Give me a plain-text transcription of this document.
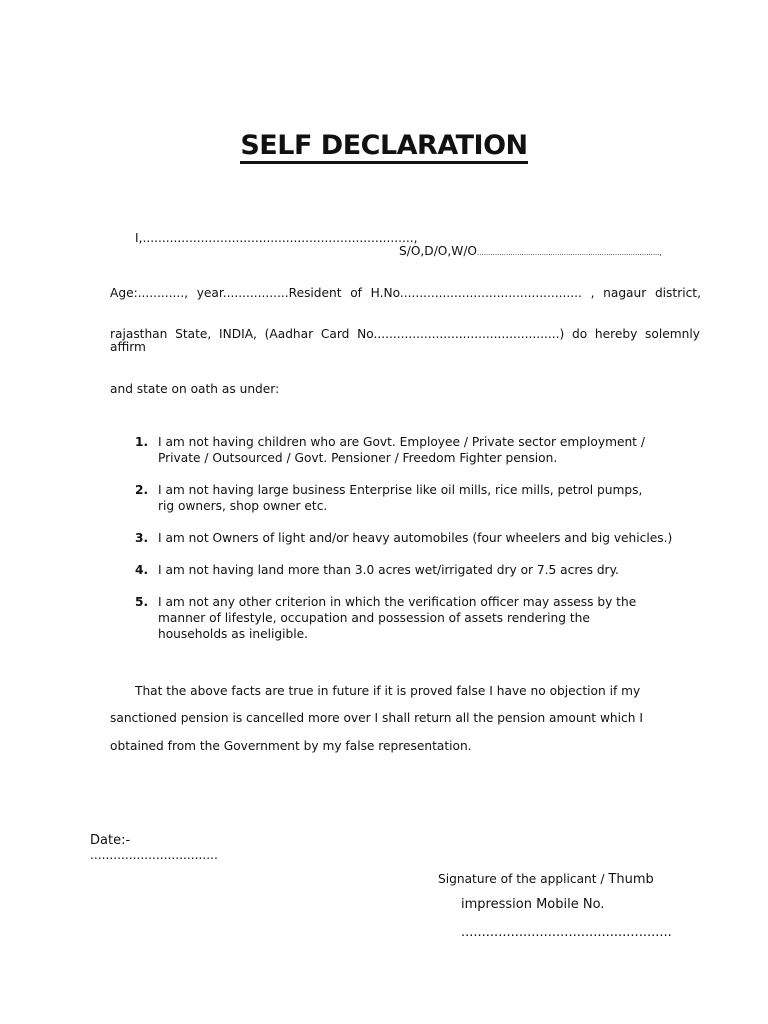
SELF DECLARATION
I,......................................................................,
S/O,D/O,W/O..................................................................................,
Age:............, year.................Resident of H.No............................................... , nagaur district,
rajasthan State, INDIA, (Aadhar Card No................................................) do hereby solemnly
affirm
and state on oath as under:
1. I am not having children who are Govt. Employee / Private sector employment /
Private / Outsourced / Govt. Pensioner / Freedom Fighter pension.
2. I am not having large business Enterprise like oil mills, rice mills, petrol pumps,
rig owners, shop owner etc.
3. I am not Owners of light and/or heavy automobiles (four wheelers and big vehicles.)
4. I am not having land more than 3.0 acres wet/irrigated dry or 7.5 acres dry.
5. I am not any other criterion in which the verification officer may assess by the
manner of lifestyle, occupation and possession of assets rendering the
households as ineligible.
That the above facts are true in future if it is proved false I have no objection if my
sanctioned pension is cancelled more over I shall return all the pension amount which I
obtained from the Government by my false representation.
Date:-
.................................
Signature of the applicant / Thumb
impression Mobile No.
...................................................
